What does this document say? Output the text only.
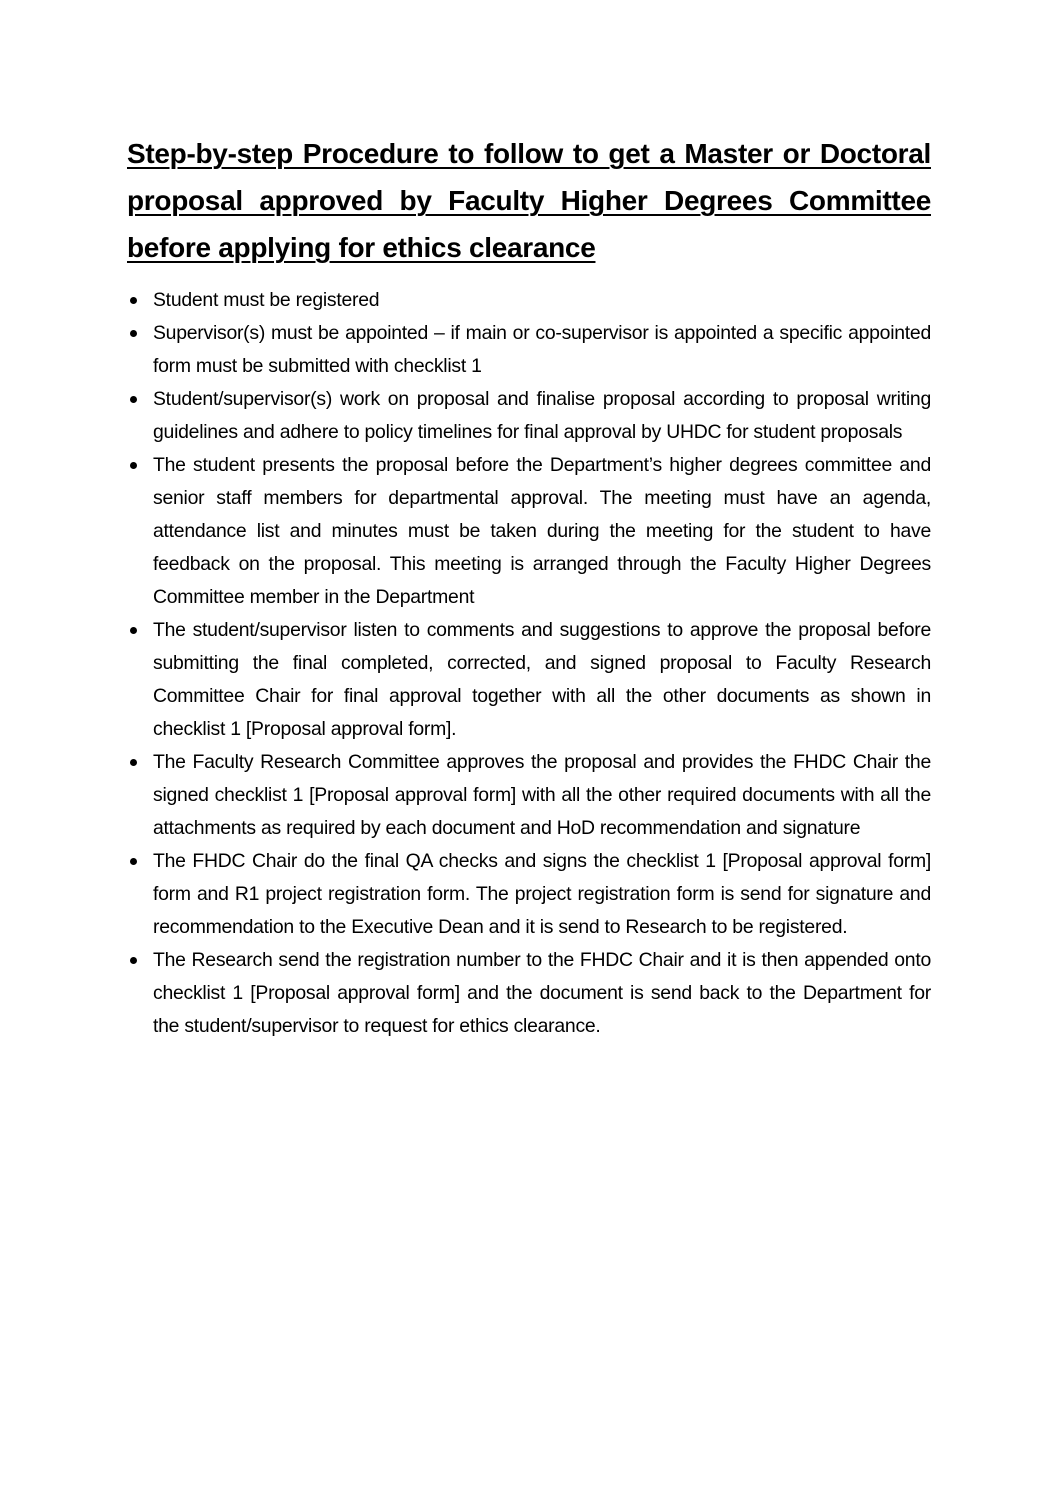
Step-by-step Procedure to follow to get a Master or Doctoral proposal approved by Faculty Higher Degrees Committee before applying for ethics clearance
Student must be registered
Supervisor(s) must be appointed – if main or co-supervisor is appointed a specific appointed form must be submitted with checklist 1
Student/supervisor(s) work on proposal and finalise proposal according to proposal writing guidelines and adhere to policy timelines for final approval by UHDC for student proposals
The student presents the proposal before the Department’s higher degrees committee and senior staff members for departmental approval. The meeting must have an agenda, attendance list and minutes must be taken during the meeting for the student to have feedback on the proposal. This meeting is arranged through the Faculty Higher Degrees Committee member in the Department
The student/supervisor listen to comments and suggestions to approve the proposal before submitting the final completed, corrected, and signed proposal to Faculty Research Committee Chair for final approval together with all the other documents as shown in checklist 1 [Proposal approval form].
The Faculty Research Committee approves the proposal and provides the FHDC Chair the signed checklist 1 [Proposal approval form] with all the other required documents with all the attachments as required by each document and HoD recommendation and signature
The FHDC Chair do the final QA checks and signs the checklist 1 [Proposal approval form] form and R1 project registration form. The project registration form is send for signature and recommendation to the Executive Dean and it is send to Research to be registered.
The Research send the registration number to the FHDC Chair and it is then appended onto checklist 1 [Proposal approval form] and the document is send back to the Department for the student/supervisor to request for ethics clearance.
